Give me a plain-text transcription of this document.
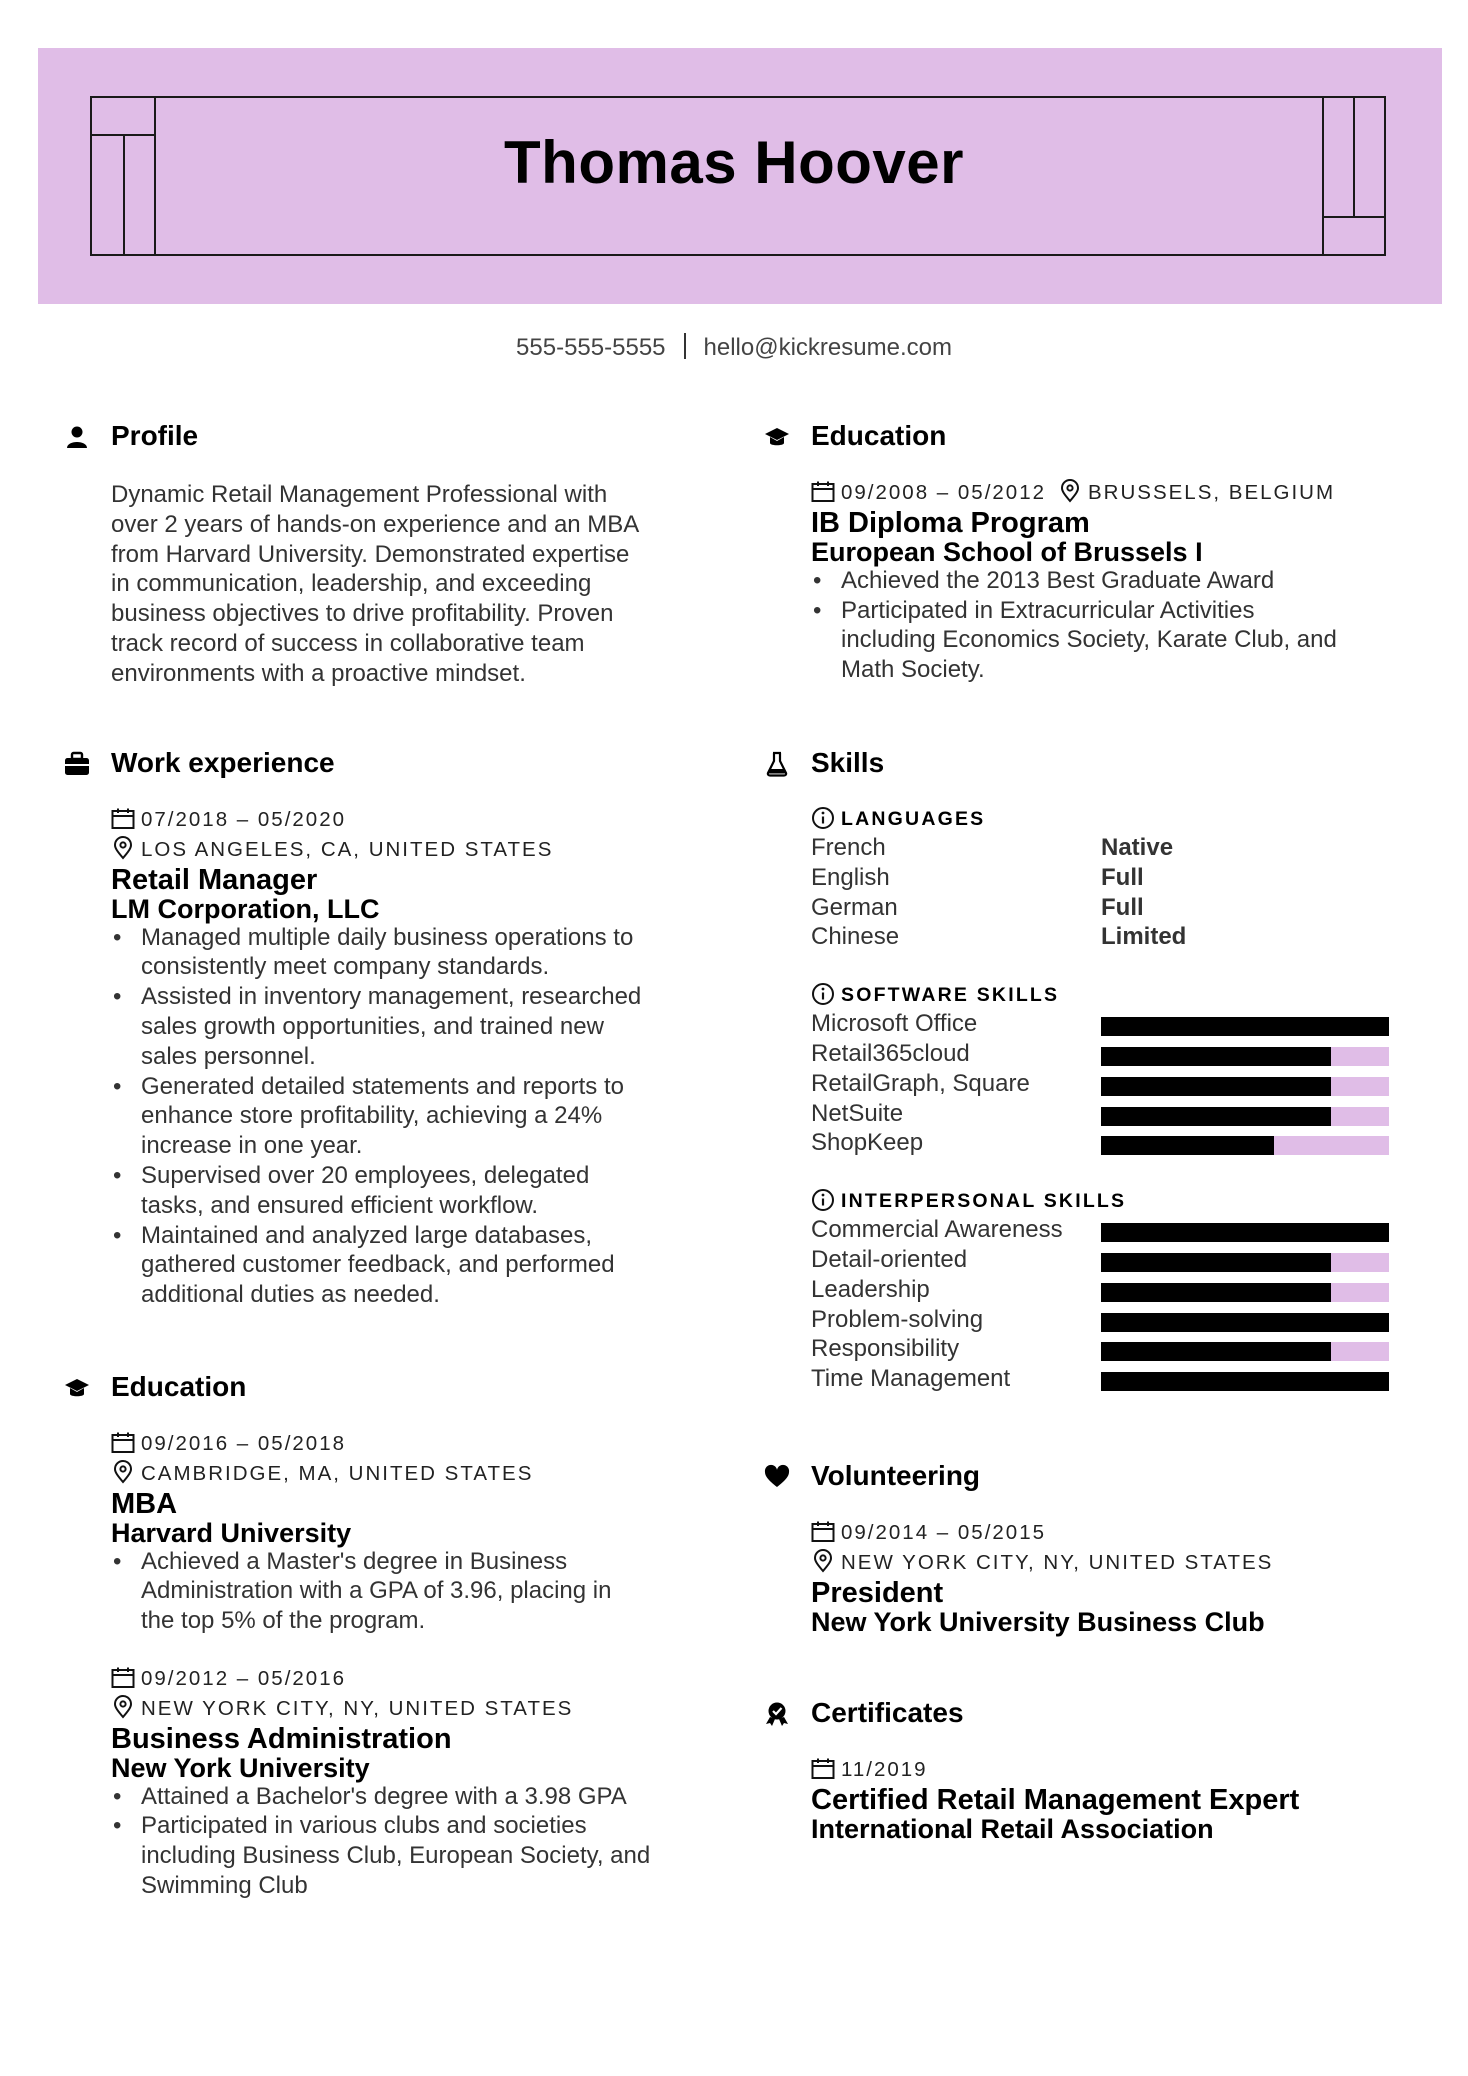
Thomas Hoover
555-555-5555 hello@kickresume.com
Profile
Dynamic Retail Management Professional with
over 2 years of hands-on experience and an MBA
from Harvard University. Demonstrated expertise
in communication, leadership, and exceeding
business objectives to drive profitability. Proven
track record of success in collaborative team
environments with a proactive mindset.
Work experience
07/2018 – 05/2020
LOS ANGELES, CA, UNITED STATES
Retail Manager
LM Corporation, LLC
• Managed multiple daily business operations to
consistently meet company standards.
• Assisted in inventory management, researched
sales growth opportunities, and trained new
sales personnel.
• Generated detailed statements and reports to
enhance store profitability, achieving a 24%
increase in one year.
• Supervised over 20 employees, delegated
tasks, and ensured efficient workflow.
• Maintained and analyzed large databases,
gathered customer feedback, and performed
additional duties as needed.
Education
09/2016 – 05/2018
CAMBRIDGE, MA, UNITED STATES
MBA
Harvard University
• Achieved a Master's degree in Business
Administration with a GPA of 3.96, placing in
the top 5% of the program.
09/2012 – 05/2016
NEW YORK CITY, NY, UNITED STATES
Business Administration
New York University
• Attained a Bachelor's degree with a 3.98 GPA
• Participated in various clubs and societies
including Business Club, European Society, and
Swimming Club
Education
09/2008 – 05/2012 BRUSSELS, BELGIUM
IB Diploma Program
European School of Brussels I
• Achieved the 2013 Best Graduate Award
• Participated in Extracurricular Activities
including Economics Society, Karate Club, and
Math Society.
Skills
LANGUAGES
French	Native
English	Full
German	Full
Chinese	Limited
SOFTWARE SKILLS
Microsoft Office
Retail365cloud
RetailGraph, Square
NetSuite
ShopKeep
INTERPERSONAL SKILLS
Commercial Awareness
Detail-oriented
Leadership
Problem-solving
Responsibility
Time Management
Volunteering
09/2014 – 05/2015
NEW YORK CITY, NY, UNITED STATES
President
New York University Business Club
Certificates
11/2019
Certified Retail Management Expert
International Retail Association
